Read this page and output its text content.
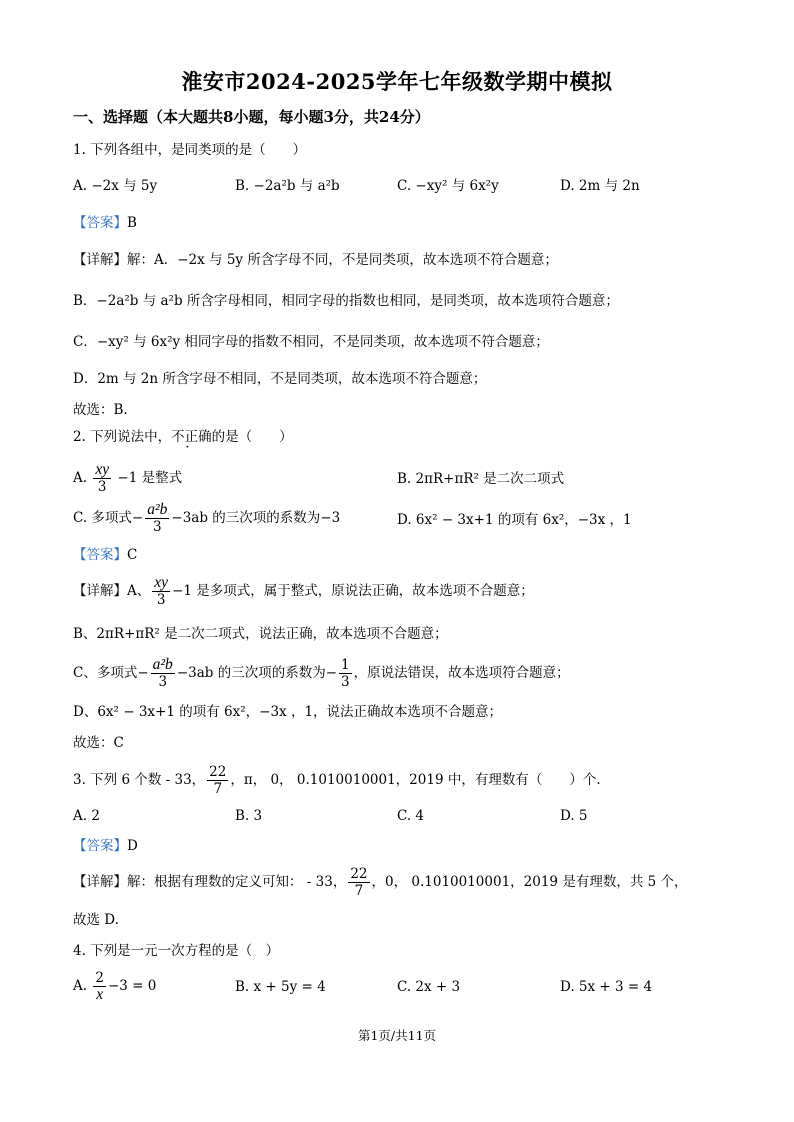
淮安市2024-2025学年七年级数学期中模拟
一、选择题（本大题共8小题，每小题3分，共24分）
1. 下列各组中，是同类项的是（　　）
A. −2x 与 5y	B. −2a²b 与 a²b	C. −xy² 与 6x²y	D. 2m 与 2n
【答案】B
【详解】解：A．−2x 与 5y 所含字母不同，不是同类项，故本选项不符合题意；
B．−2a²b 与 a²b 所含字母相同，相同字母的指数也相同，是同类项，故本选项符合题意；
C．−xy² 与 6x²y 相同字母的指数不相同，不是同类项，故本选项不符合题意；
D．2m 与 2n 所含字母不相同，不是同类项，故本选项不符合题意；
故选：B.
2. 下列说法中，不正确的是（　　）
A. $\frac{xy}{3} -1$ 是整式	B. 2πR+πR² 是二次二项式
C. 多项式− $\frac{\text{a²b}}{3} -3ab$ 的三次项的系数为−3	D. 6x² − 3x+1 的项有 6x²，−3x ，1
【答案】C
【详解】A、 $\frac{xy}{3} -1$ 是多项式，属于整式，原说法正确，故本选项不合题意；
B、2πR+πR² 是二次二项式，说法正确，故本选项不合题意；
C、多项式− $\frac{\text{a²b}}{3} -3ab$ 的三次项的系数为− $\frac{1}{3}$ ，原说法错误，故本选项符合题意；
D、6x² − 3x+1 的项有 6x²，−3x ，1，说法正确故本选项不合题意；
故选：C
3. 下列 6 个数 - 33， $\frac{22}{7}$ ，π， 0， 0.1010010001，2019 中，有理数有（　　）个.
A. 2	B. 3	C. 4	D. 5
【答案】D
【详解】解：根据有理数的定义可知： - 33， $\frac{22}{7}$ ，0， 0.1010010001，2019 是有理数，共 5 个，
故选 D.
4. 下列是一元一次方程的是（　）
A. $\frac{2}{x} -3 = 0$	B. x + 5y = 4	C. 2x + 3	D. 5x + 3 = 4
第1页/共11页
